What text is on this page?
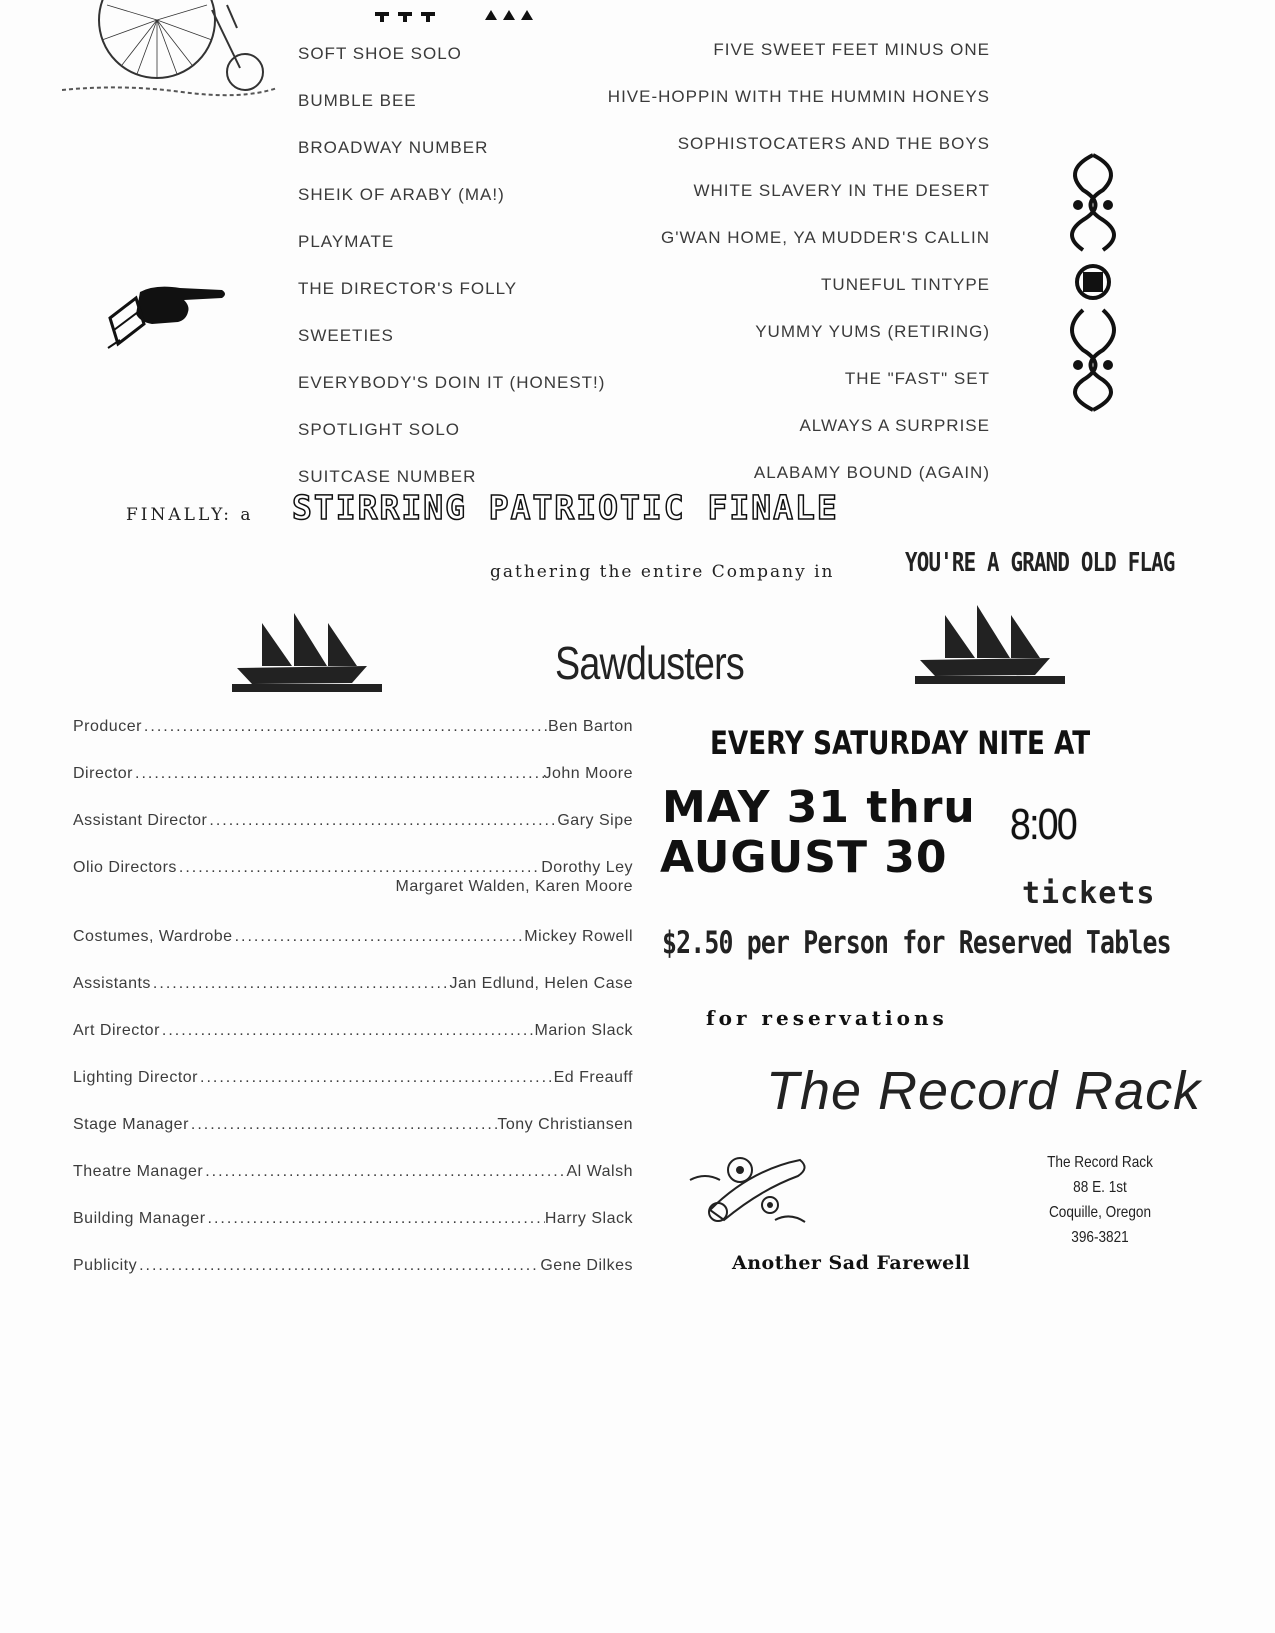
SOFT SHOE SOLO
BUMBLE BEE
BROADWAY NUMBER
SHEIK OF ARABY (MA!)
PLAYMATE
THE DIRECTOR'S FOLLY
SWEETIES
EVERYBODY'S DOIN IT (HONEST!)
SPOTLIGHT SOLO
SUITCASE NUMBER
FIVE SWEET FEET MINUS ONE
HIVE-HOPPIN WITH THE HUMMIN HONEYS
SOPHISTOCATERS AND THE BOYS
WHITE SLAVERY IN THE DESERT
G'WAN HOME, YA MUDDER'S CALLIN
TUNEFUL TINTYPE
YUMMY YUMS (RETIRING)
THE "FAST" SET
ALWAYS A SURPRISE
ALABAMY BOUND (AGAIN)
FINALLY: a STIRRING PATRIOTIC FINALE
gathering the entire Company in	YOU'RE A GRAND OLD FLAG
Sawdusters
Producer .....	Ben Barton
Director .....	John Moore
Assistant Director .....	Gary Sipe
Olio Directors .....	Dorothy Ley
Margaret Walden, Karen Moore
Costumes, Wardrobe .....	Mickey Rowell
Assistants .....	Jan Edlund, Helen Case
Art Director .....	Marion Slack
Lighting Director .....	Ed Freauff
Stage Manager .....	Tony Christiansen
Theatre Manager .....	Al Walsh
Building Manager .....	Harry Slack
Publicity .....	Gene Dilkes
EVERY SATURDAY NITE AT
MAY 31 thru
AUGUST 30
8:00
tickets
$2.50 per Person for Reserved Tables
for reservations
The Record Rack
The Record Rack
88 E. 1st
Coquille, Oregon
396-3821
Another Sad Farewell
